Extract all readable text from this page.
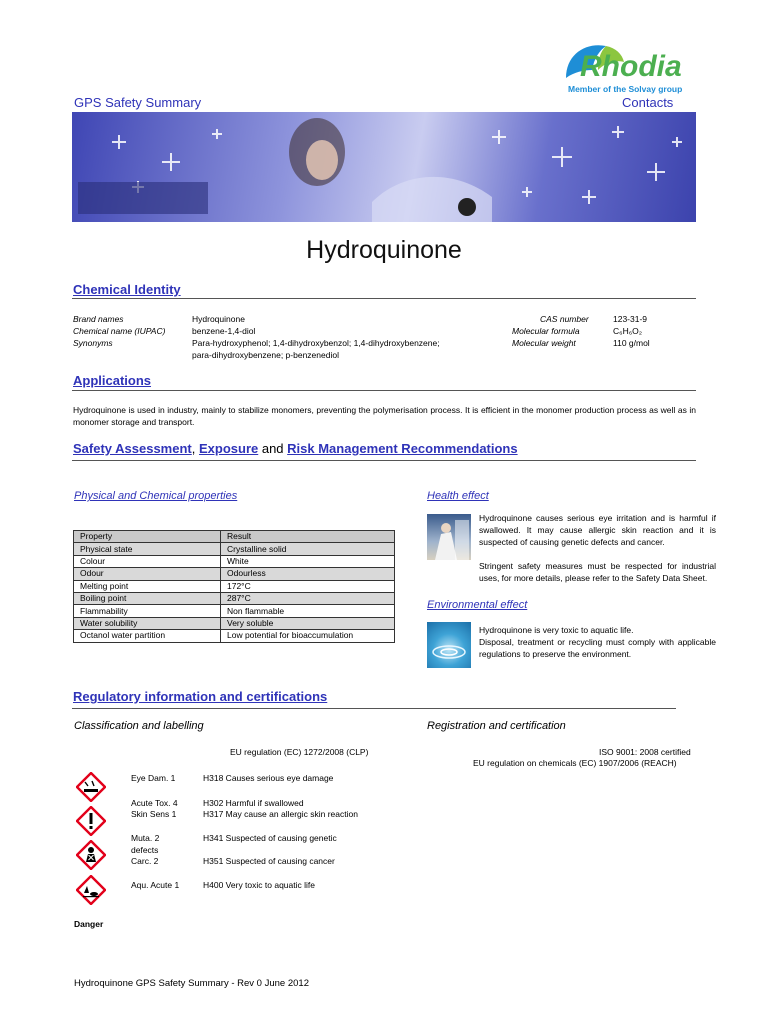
Rhodia
Member of the Solvay group
GPS Safety Summary	Contacts
Hydroquinone
Chemical Identity
Brand names	Hydroquinone
Chemical name (IUPAC)	benzene-1,4-diol
Synonyms	Para-hydroxyphenol; 1,4-dihydroxybenzol; 1,4-dihydroxybenzene;
para-dihydroxybenzene; p-benzenediol
CAS number	123-31-9
Molecular formula	C₆H₆O₂
Molecular weight	110 g/mol
Applications
Hydroquinone is used in industry, mainly to stabilize monomers, preventing the polymerisation process. It is efficient in the monomer production process as well as in monomer storage and transport.
Safety Assessment, Exposure and Risk Management Recommendations
Physical and Chemical properties
Property	Result
Physical state	Crystalline solid
Colour	White
Odour	Odourless
Melting point	172°C
Boiling point	287°C
Flammability	Non flammable
Water solubility	Very soluble
Octanol water partition	Low potential for bioaccumulation
Health effect
Hydroquinone causes serious eye irritation and is harmful if swallowed. It may cause allergic skin reaction and it is suspected of causing genetic defects and cancer.
Stringent safety measures must be respected for industrial uses, for more details, please refer to the Safety Data Sheet.
Environmental effect
Hydroquinone is very toxic to aquatic life.
Disposal, treatment or recycling must comply with applicable regulations to preserve the environment.
Regulatory information and certifications
Classification and labelling	Registration and certification
EU regulation (EC) 1272/2008 (CLP)	ISO 9001: 2008 certified
EU regulation on chemicals (EC) 1907/2006 (REACH)
Eye Dam. 1	H318 Causes serious eye damage
Acute Tox. 4	H302 Harmful if swallowed
Skin Sens 1	H317 May cause an allergic skin reaction
Muta. 2	H341 Suspected of causing genetic
defects
Carc. 2	H351 Suspected of causing cancer
Aqu. Acute 1	H400 Very toxic to aquatic life
Danger
Hydroquinone GPS Safety Summary - Rev 0 June 2012
